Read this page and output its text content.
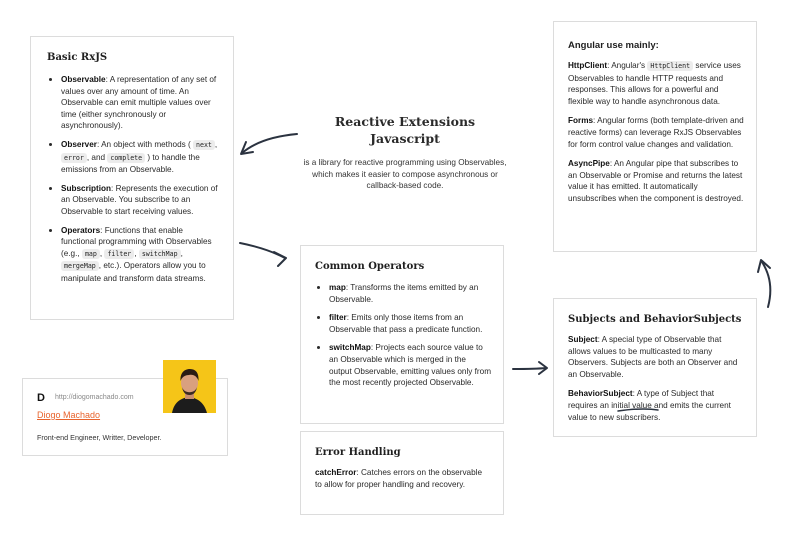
Reactive Extensions
Javascript
is a library for reactive programming using Observables, which makes it easier to compose asynchronous or callback-based code.
Basic RxJS
• Observable: A representation of any set of values over any amount of time. An Observable can emit multiple values over time (either synchronously or asynchronously).
• Observer: An object with methods ( next , error , and complete ) to handle the emissions from an Observable.
• Subscription: Represents the execution of an Observable. You subscribe to an Observable to start receiving values.
• Operators: Functions that enable functional programming with Observables (e.g., map , filter , switchMap , mergeMap , etc.). Operators allow you to manipulate and transform data streams.
D http://diogomachado.com
Diogo Machado
Front-end Engineer, Writter, Developer.
Angular use mainly:

HttpClient: Angular's HttpClient service uses Observables to handle HTTP requests and responses. This allows for a powerful and flexible way to handle asynchronous data.

Forms: Angular forms (both template-driven and reactive forms) can leverage RxJS Observables for form control value changes and validation.

AsyncPipe: An Angular pipe that subscribes to an Observable or Promise and returns the latest value it has emitted. It automatically unsubscribes when the component is destroyed.

Common Operators
• map: Transforms the items emitted by an Observable.
• filter: Emits only those items from an Observable that pass a predicate function.
• switchMap: Projects each source value to an Observable which is merged in the output Observable, emitting values only from the most recently projected Observable.
Error Handling
catchError: Catches errors on the observable to allow for proper handling and recovery.
Subjects and BehaviorSubjects

Subject: A special type of Observable that allows values to be multicasted to many Observers. Subjects are both an Observer and an Observable.

BehaviorSubject: A type of Subject that requires an initial value and emits the current value to new subscribers.
